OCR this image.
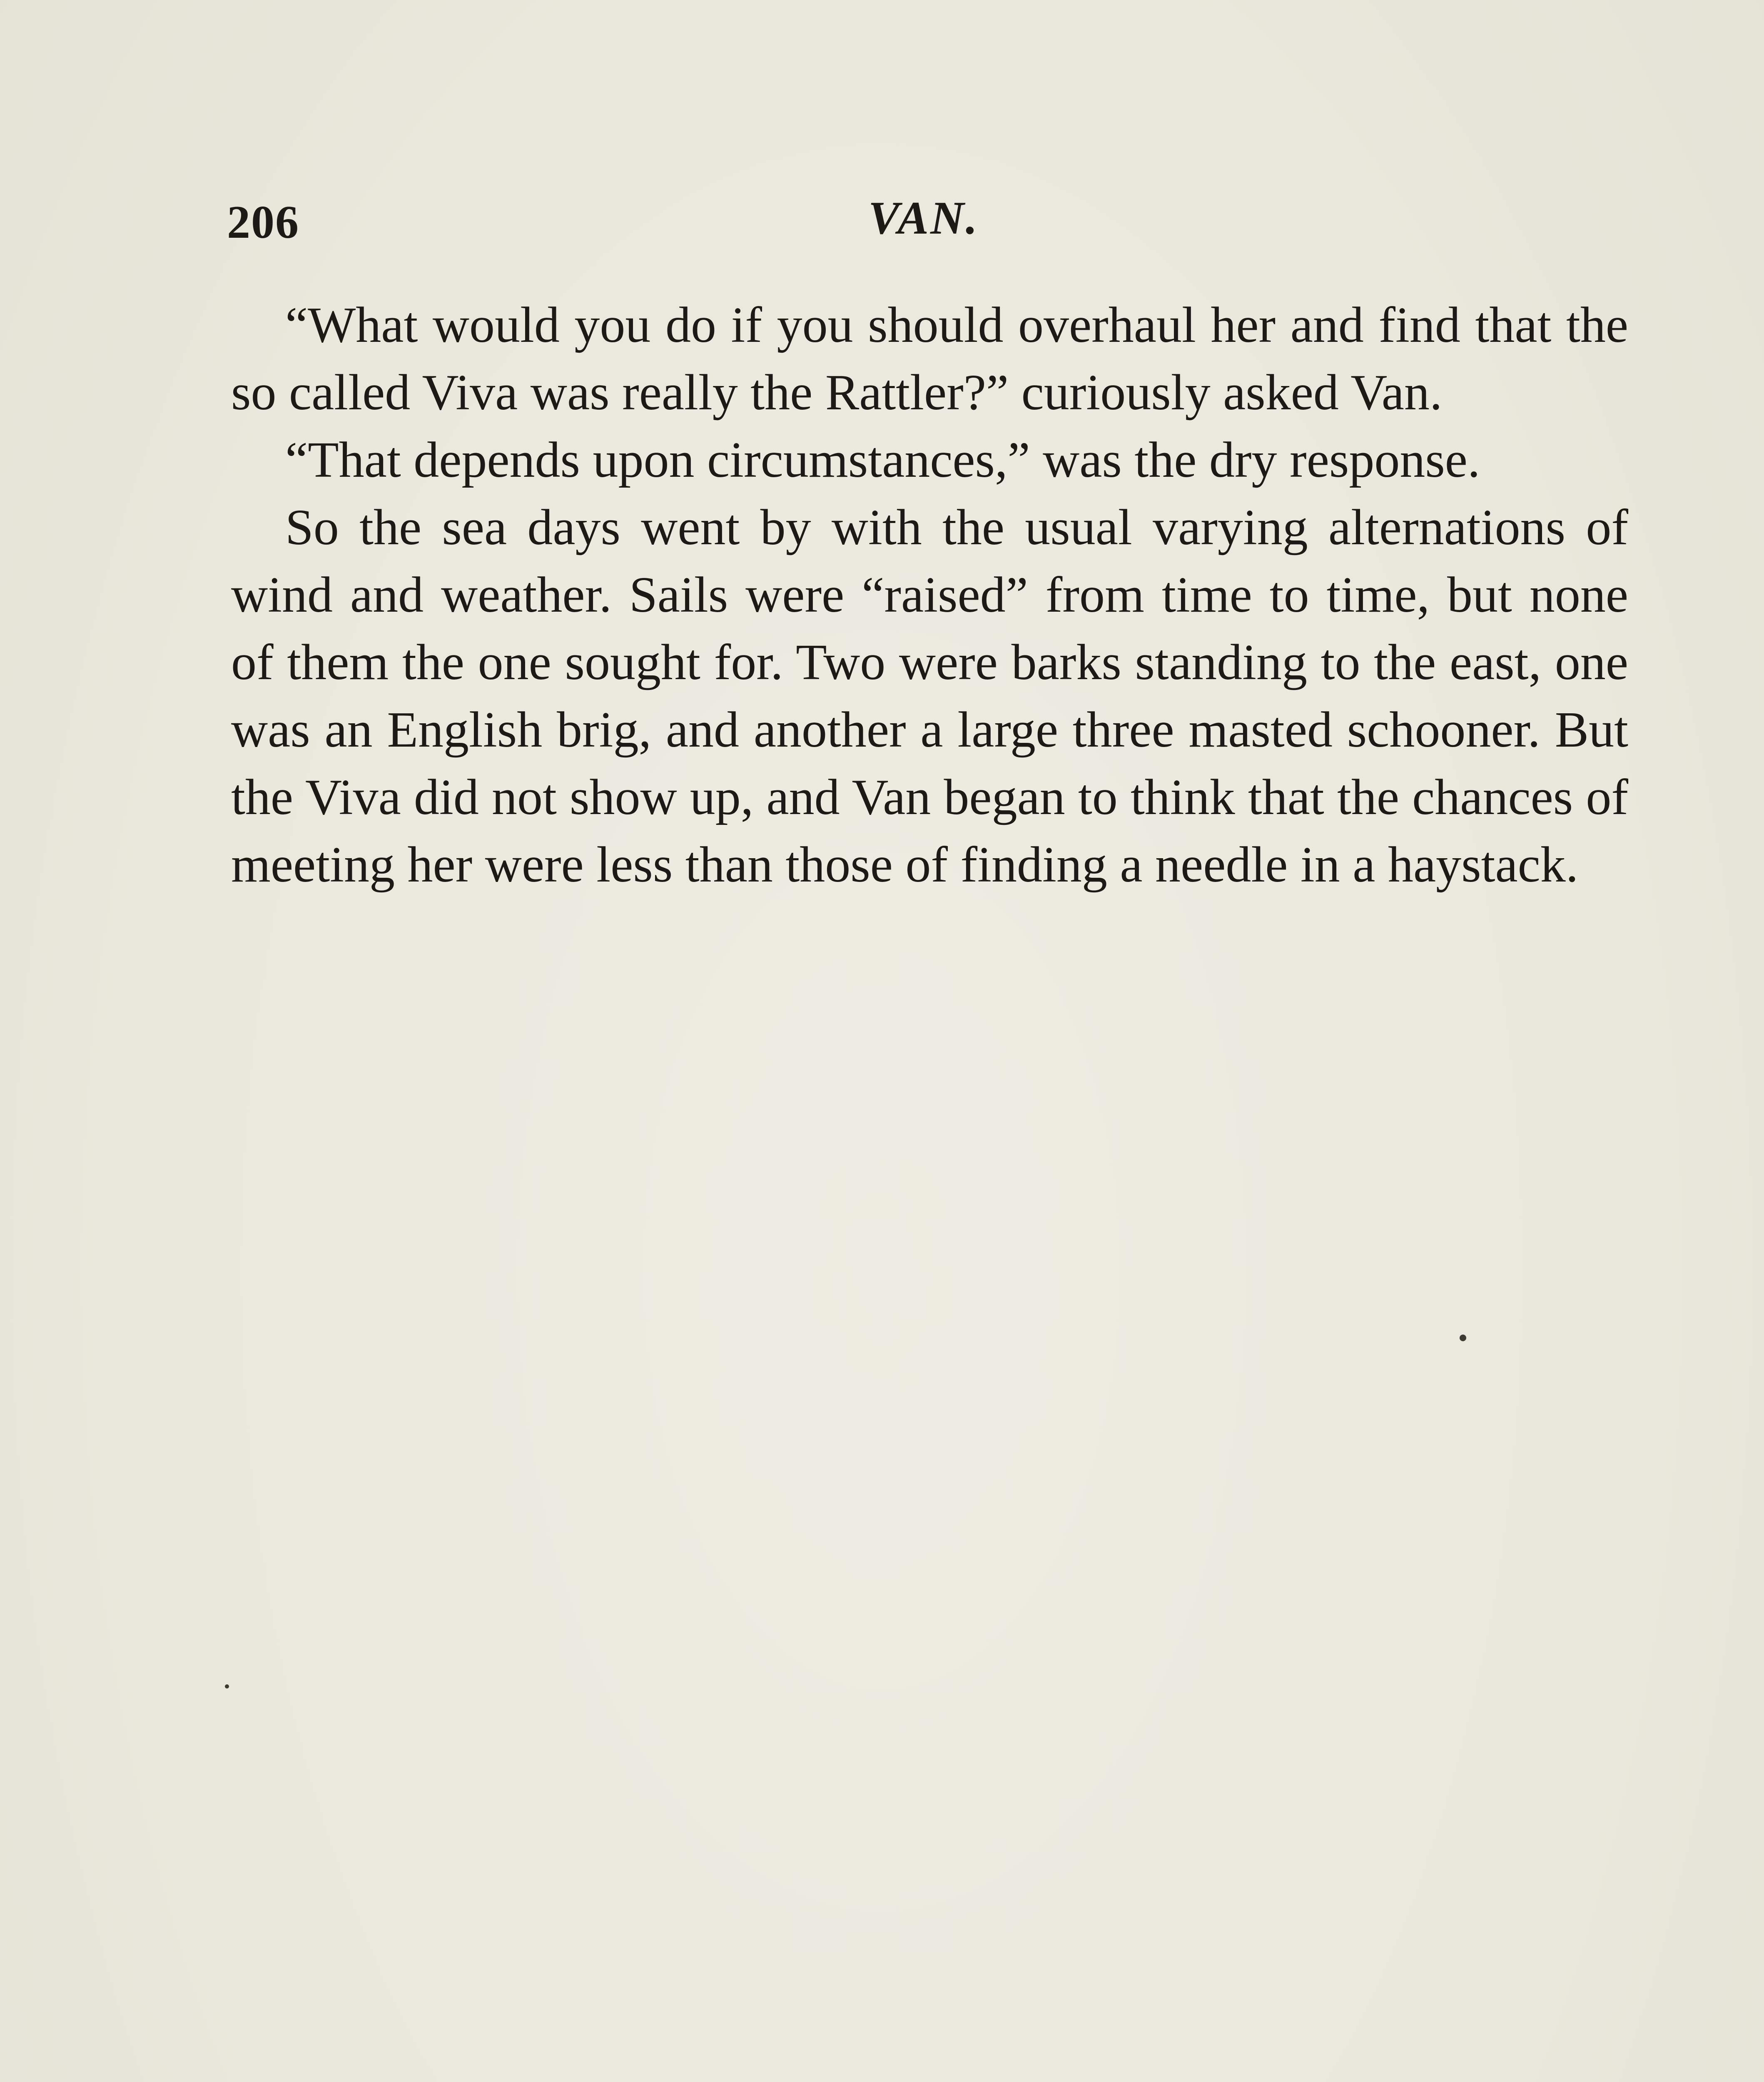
206	VAN.

“What would you do if you should overhaul her and find that the so called Viva was really the Rattler?” curiously asked Van.

“That depends upon circumstances,” was the dry response.

So the sea days went by with the usual varying alternations of wind and weather. Sails were “raised” from time to time, but none of them the one sought for. Two were barks standing to the east, one was an English brig, and another a large three masted schooner. But the Viva did not show up, and Van began to think that the chances of meeting her were less than those of finding a needle in a haystack.
